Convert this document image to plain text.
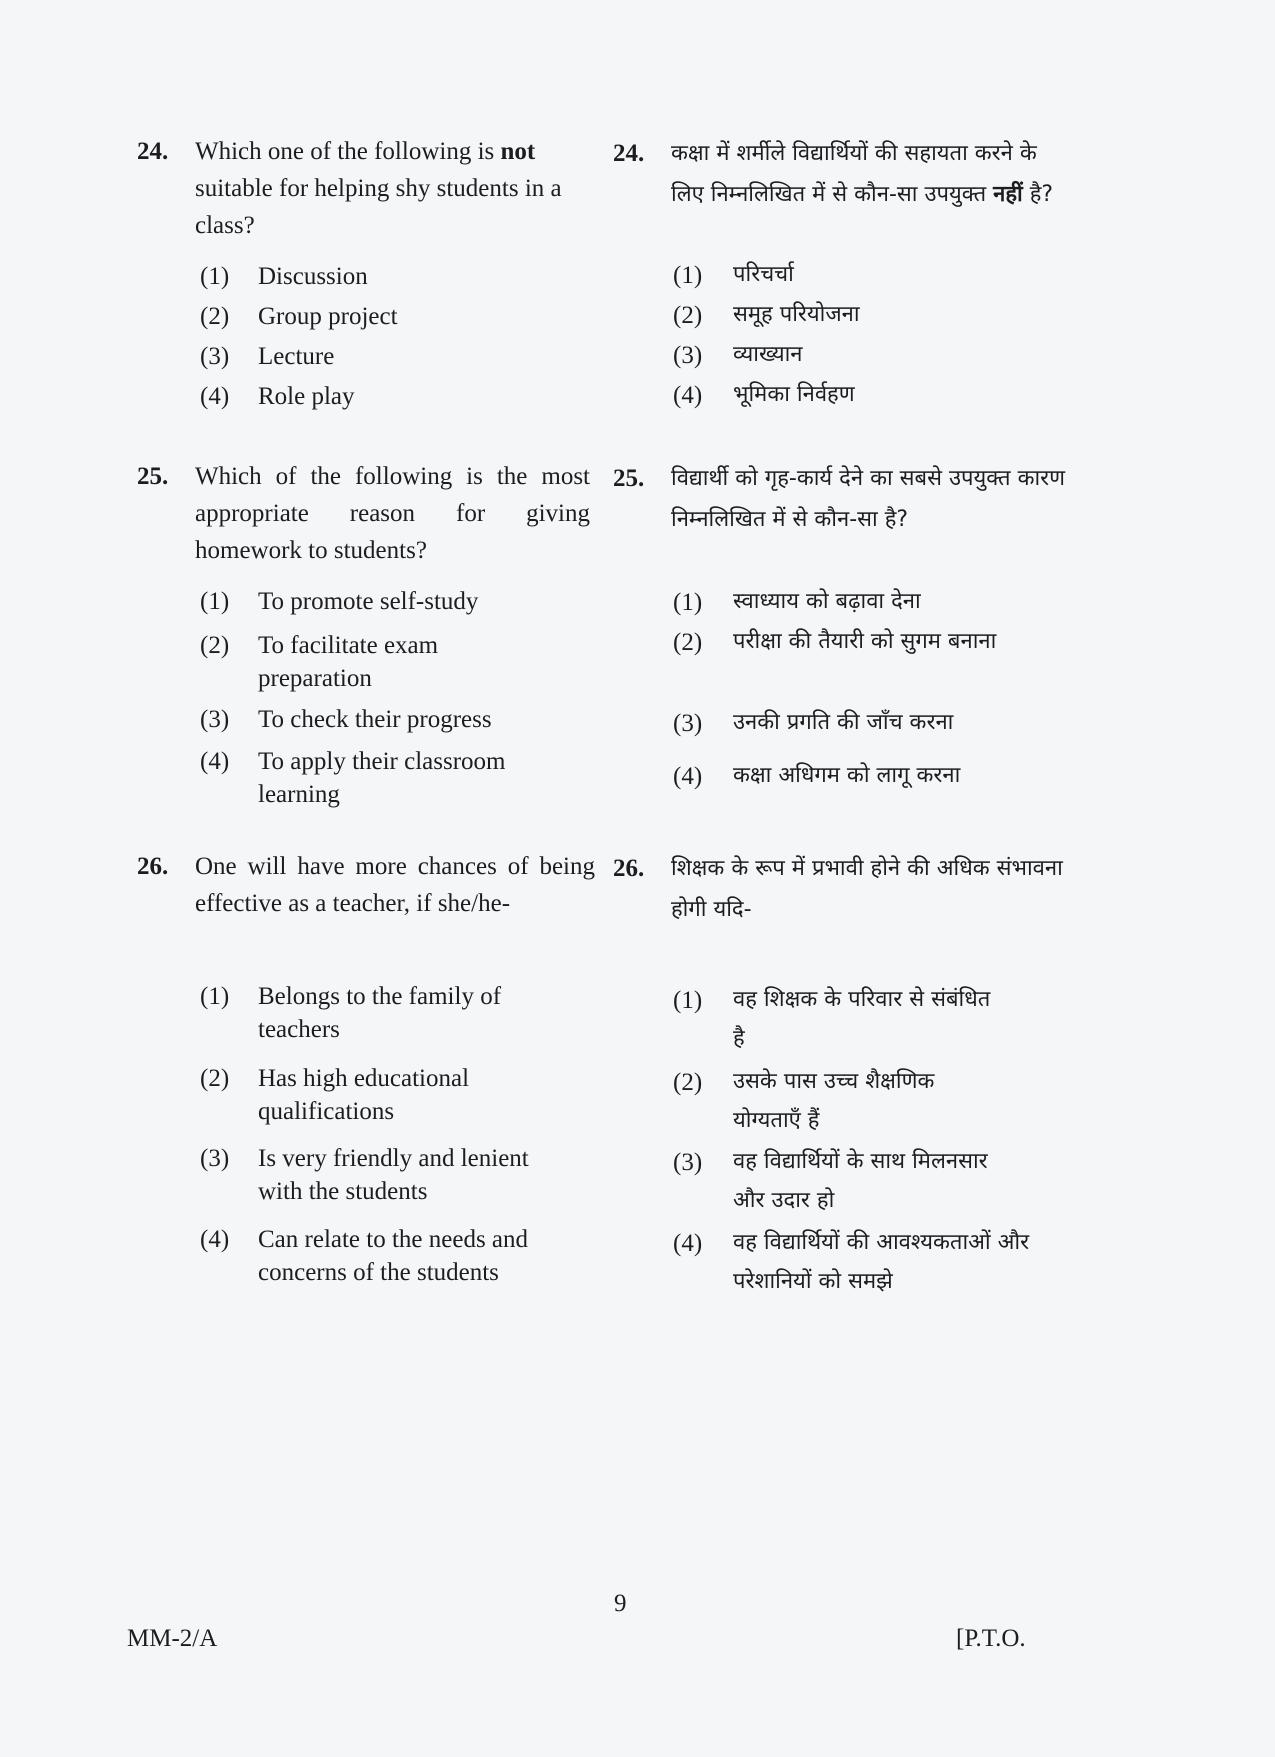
24. Which one of the following is not suitable for helping shy students in a class?
(1) Discussion
(2) Group project
(3) Lecture
(4) Role play
24. कक्षा में शर्मीले विद्यार्थियों की सहायता करने के लिए निम्नलिखित में से कौन-सा उपयुक्त नहीं है?
(1) परिचर्चा
(2) समूह परियोजना
(3) व्याख्यान
(4) भूमिका निर्वहण
25. Which of the following is the most appropriate reason for giving homework to students?
(1) To promote self-study
(2) To facilitate exam preparation
(3) To check their progress
(4) To apply their classroom learning
25. विद्यार्थी को गृह-कार्य देने का सबसे उपयुक्त कारण निम्नलिखित में से कौन-सा है?
(1) स्वाध्याय को बढ़ावा देना
(2) परीक्षा की तैयारी को सुगम बनाना
(3) उनकी प्रगति की जाँच करना
(4) कक्षा अधिगम को लागू करना
26. One will have more chances of being effective as a teacher, if she/he-
(1) Belongs to the family of teachers
(2) Has high educational qualifications
(3) Is very friendly and lenient with the students
(4) Can relate to the needs and concerns of the students
26. शिक्षक के रूप में प्रभावी होने की अधिक संभावना होगी यदि-
(1) वह शिक्षक के परिवार से संबंधित है
(2) उसके पास उच्च शैक्षणिक योग्यताएँ हैं
(3) वह विद्यार्थियों के साथ मिलनसार और उदार हो
(4) वह विद्यार्थियों की आवश्यकताओं और परेशानियों को समझे
9
MM-2/A	[P.T.O.
